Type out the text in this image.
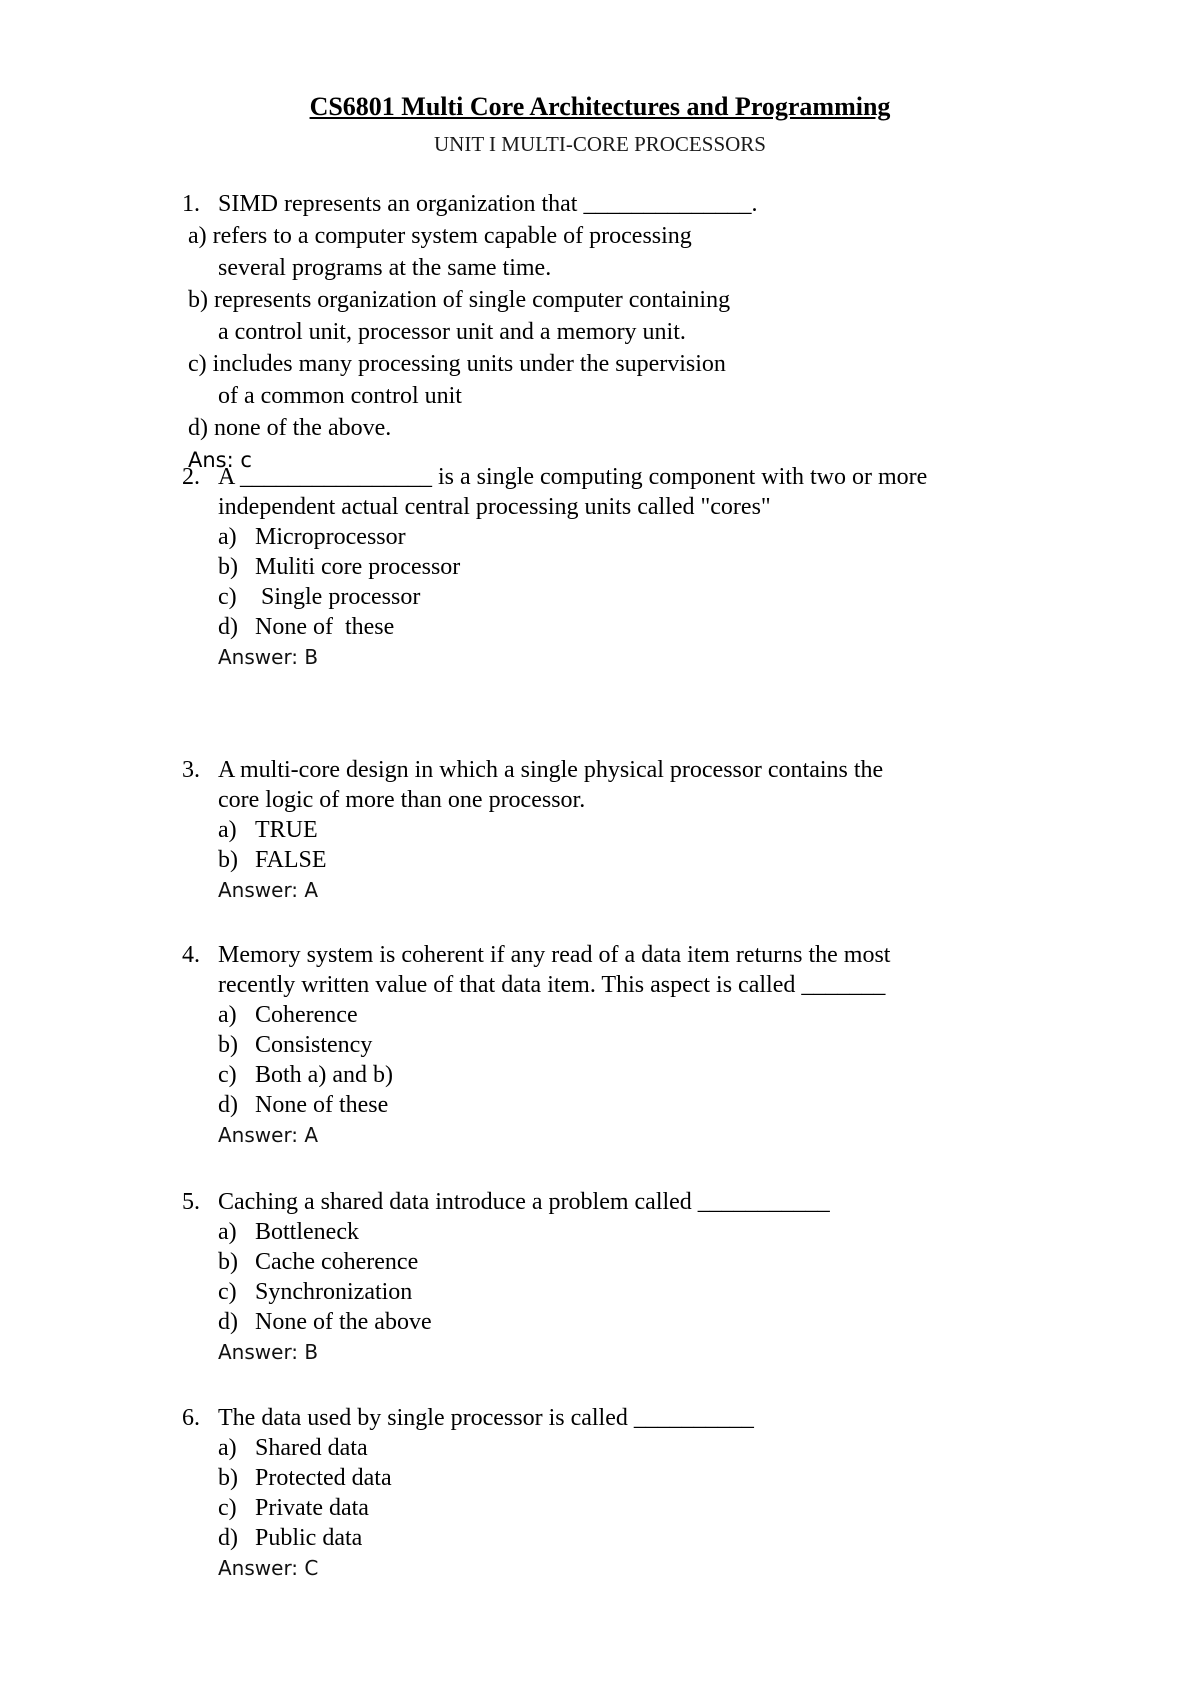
CS6801 Multi Core Architectures and Programming
UNIT I MULTI-CORE PROCESSORS
1. SIMD represents an organization that ______________.
a) refers to a computer system capable of processing
several programs at the same time.
b) represents organization of single computer containing
a control unit, processor unit and a memory unit.
c) includes many processing units under the supervision
of a common control unit
d) none of the above.
Ans: c
2. A ________________ is a single computing component with two or more
independent actual central processing units called "cores"
a) Microprocessor
b) Muliti core processor
c) Single processor
d) None of  these
Answer: B
3. A multi-core design in which a single physical processor contains the
core logic of more than one processor.
a) TRUE
b) FALSE
Answer: A
4. Memory system is coherent if any read of a data item returns the most
recently written value of that data item. This aspect is called _______
a) Coherence
b) Consistency
c) Both a) and b)
d) None of these
Answer: A
5. Caching a shared data introduce a problem called ___________
a) Bottleneck
b) Cache coherence
c) Synchronization
d) None of the above
Answer: B
6. The data used by single processor is called __________
a) Shared data
b) Protected data
c) Private data
d) Public data
Answer: C
